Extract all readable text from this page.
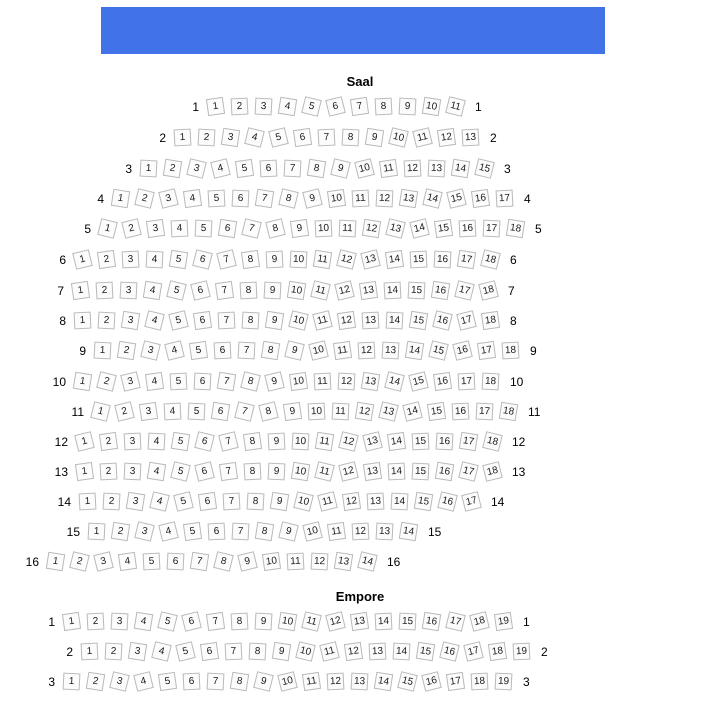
Saal
Empore
1	1	2	3	4	5	6	7	8	9	10	11	1
2	1	2	3	4	5	6	7	8	9	10	11	12	13	2
3	1	2	3	4	5	6	7	8	9	10	11	12	13	14	15	3
4	1	2	3	4	5	6	7	8	9	10	11	12	13	14	15	16	17	4
5	1	2	3	4	5	6	7	8	9	10	11	12	13	14	15	16	17	18	5
6	1	2	3	4	5	6	7	8	9	10	11	12	13	14	15	16	17	18	6
7	1	2	3	4	5	6	7	8	9	10	11	12	13	14	15	16	17	18	7
8	1	2	3	4	5	6	7	8	9	10	11	12	13	14	15	16	17	18	8
9	1	2	3	4	5	6	7	8	9	10	11	12	13	14	15	16	17	18	9
10	1	2	3	4	5	6	7	8	9	10	11	12	13	14	15	16	17	18	10
11	1	2	3	4	5	6	7	8	9	10	11	12	13	14	15	16	17	18	11
12	1	2	3	4	5	6	7	8	9	10	11	12	13	14	15	16	17	18	12
13	1	2	3	4	5	6	7	8	9	10	11	12	13	14	15	16	17	18	13
14	1	2	3	4	5	6	7	8	9	10	11	12	13	14	15	16	17	14
15	1	2	3	4	5	6	7	8	9	10	11	12	13	14	15
16	1	2	3	4	5	6	7	8	9	10	11	12	13	14	16
1	1	2	3	4	5	6	7	8	9	10	11	12	13	14	15	16	17	18	19	1
2	1	2	3	4	5	6	7	8	9	10	11	12	13	14	15	16	17	18	19	2
3	1	2	3	4	5	6	7	8	9	10	11	12	13	14	15	16	17	18	19	3
